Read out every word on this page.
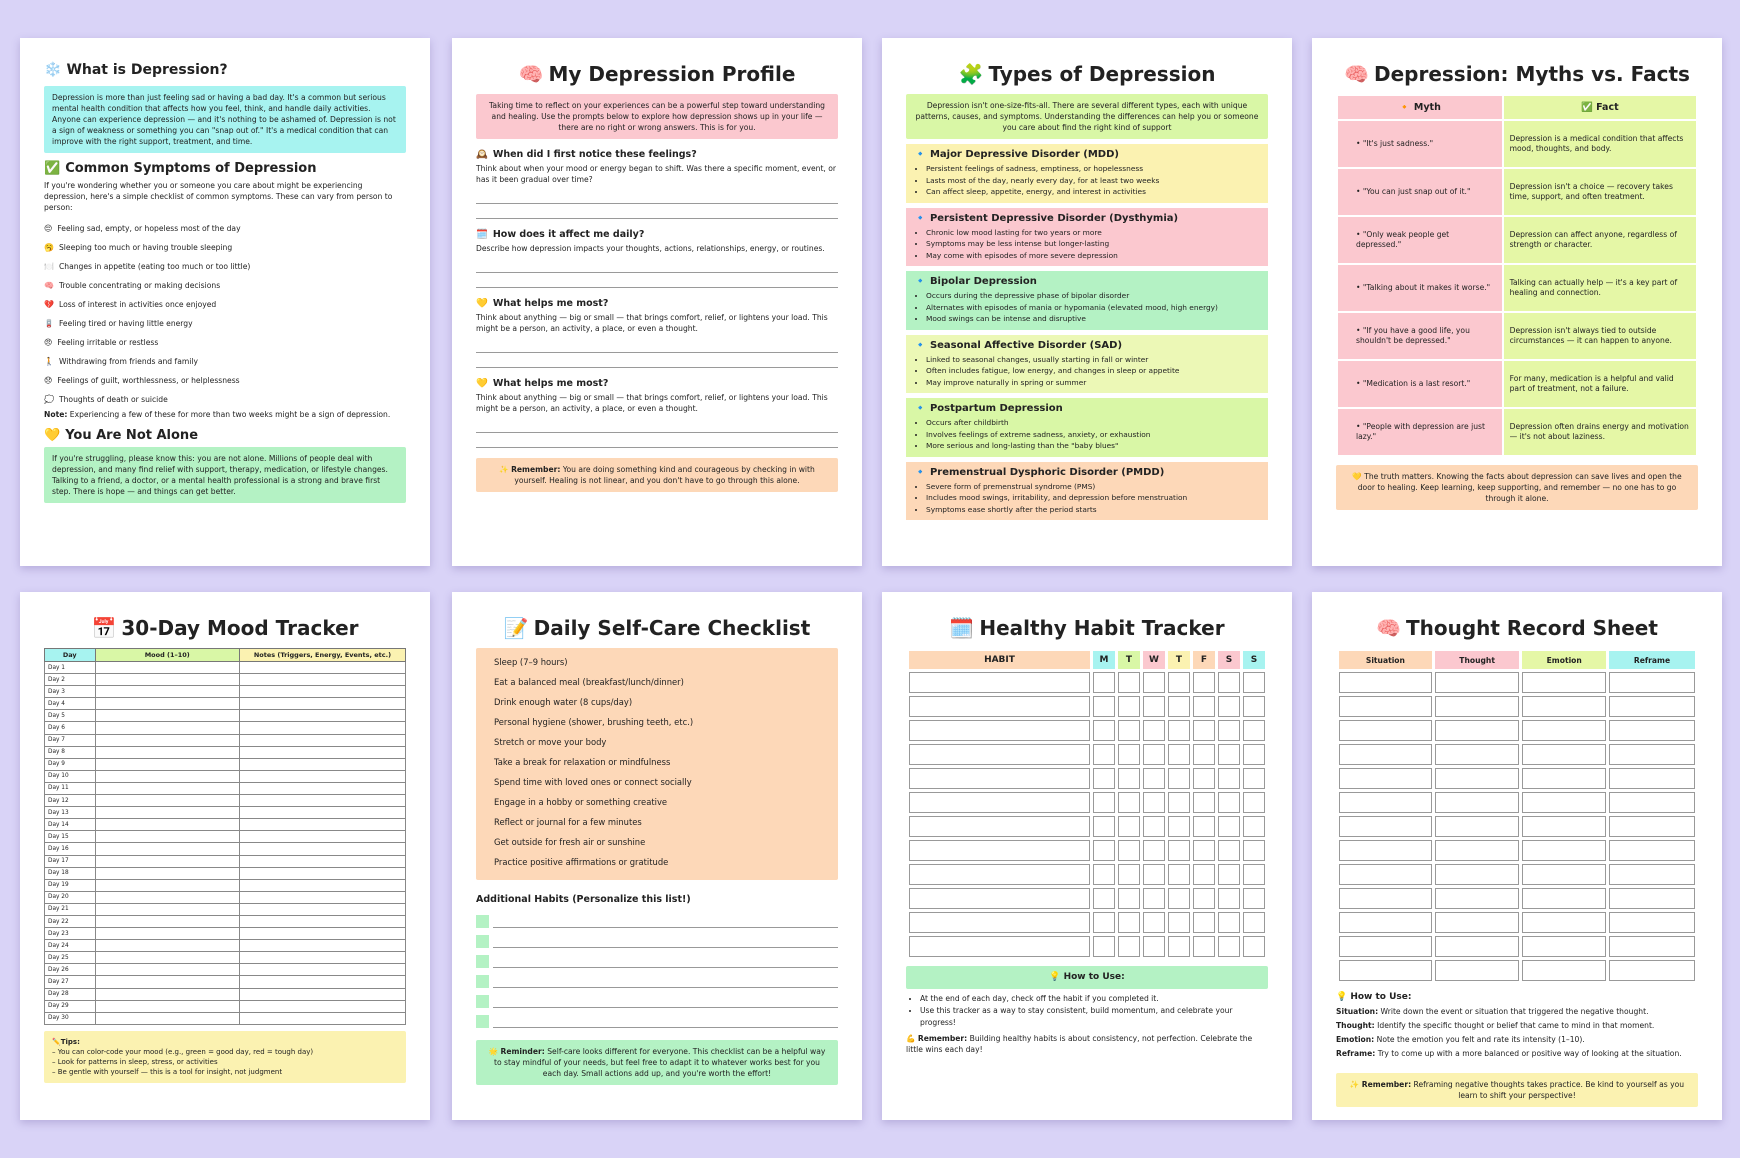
❄️ What is Depression?
Depression is more than just feeling sad or having a bad day. It's a common but serious mental health condition that affects how you feel, think, and handle daily activities. Anyone can experience depression — and it's nothing to be ashamed of. Depression is not a sign of weakness or something you can "snap out of." It's a medical condition that can improve with the right support, treatment, and time.
✅ Common Symptoms of Depression

If you're wondering whether you or someone you care about might be experiencing depression, here's a simple checklist of common symptoms. These can vary from person to person:

😔 Feeling sad, empty, or hopeless most of the day
🥱 Sleeping too much or having trouble sleeping
🍽️ Changes in appetite (eating too much or too little)
🧠 Trouble concentrating or making decisions
💔 Loss of interest in activities once enjoyed
🪫 Feeling tired or having little energy
😠 Feeling irritable or restless
🚶 Withdrawing from friends and family
😞 Feelings of guilt, worthlessness, or helplessness
💭 Thoughts of death or suicide

Note: Experiencing a few of these for more than two weeks might be a sign of depression.

💛 You Are Not Alone
If you're struggling, please know this: you are not alone. Millions of people deal with depression, and many find relief with support, therapy, medication, or lifestyle changes. Talking to a friend, a doctor, or a mental health professional is a strong and brave first step. There is hope — and things can get better.
🧠 My Depression Profile
Taking time to reflect on your experiences can be a powerful step toward understanding and healing. Use the prompts below to explore how depression shows up in your life — there are no right or wrong answers. This is for you.
🕰️ When did I first notice these feelings?
Think about when your mood or energy began to shift. Was there a specific moment, event, or has it been gradual over time?
🗓️ How does it affect me daily?
Describe how depression impacts your thoughts, actions, relationships, energy, or routines.
💛 What helps me most?
Think about anything — big or small — that brings comfort, relief, or lightens your load. This might be a person, an activity, a place, or even a thought.
💛 What helps me most?
Think about anything — big or small — that brings comfort, relief, or lightens your load. This might be a person, an activity, a place, or even a thought.
✨ Remember: You are doing something kind and courageous by checking in with yourself. Healing is not linear, and you don't have to go through this alone.
🧩 Types of Depression
Depression isn't one-size-fits-all. There are several different types, each with unique patterns, causes, and symptoms. Understanding the differences can help you or someone you care about find the right kind of support
🔹 Major Depressive Disorder (MDD)
• Persistent feelings of sadness, emptiness, or hopelessness
• Lasts most of the day, nearly every day, for at least two weeks
• Can affect sleep, appetite, energy, and interest in activities
🔹 Persistent Depressive Disorder (Dysthymia)
• Chronic low mood lasting for two years or more
• Symptoms may be less intense but longer-lasting
• May come with episodes of more severe depression
🔹 Bipolar Depression
• Occurs during the depressive phase of bipolar disorder
• Alternates with episodes of mania or hypomania (elevated mood, high energy)
• Mood swings can be intense and disruptive
🔹 Seasonal Affective Disorder (SAD)
• Linked to seasonal changes, usually starting in fall or winter
• Often includes fatigue, low energy, and changes in sleep or appetite
• May improve naturally in spring or summer
🔹 Postpartum Depression
• Occurs after childbirth
• Involves feelings of extreme sadness, anxiety, or exhaustion
• More serious and long-lasting than the "baby blues"
🔹 Premenstrual Dysphoric Disorder (PMDD)
• Severe form of premenstrual syndrome (PMS)
• Includes mood swings, irritability, and depression before menstruation
• Symptoms ease shortly after the period starts
🧠 Depression: Myths vs. Facts
🔸 Myth	✅ Fact
• "It's just sadness."	Depression is a medical condition that affects mood, thoughts, and body.
• "You can just snap out of it."	Depression isn't a choice — recovery takes time, support, and often treatment.
• "Only weak people get depressed."	Depression can affect anyone, regardless of strength or character.
• "Talking about it makes it worse."	Talking can actually help — it's a key part of healing and connection.
• "If you have a good life, you shouldn't be depressed."	Depression isn't always tied to outside circumstances — it can happen to anyone.
• "Medication is a last resort."	For many, medication is a helpful and valid part of treatment, not a failure.
• "People with depression are just lazy."	Depression often drains energy and motivation — it's not about laziness.
💛 The truth matters. Knowing the facts about depression can save lives and open the door to healing. Keep learning, keep supporting, and remember — no one has to go through it alone.
📅 30-Day Mood Tracker
Day	Mood (1–10)	Notes (Triggers, Energy, Events, etc.)
Day 1		
Day 2		
Day 3		
Day 4		
Day 5		
Day 6		
Day 7		
Day 8		
Day 9		
Day 10		
Day 11		
Day 12		
Day 13		
Day 14		
Day 15		
Day 16		
Day 17		
Day 18		
Day 19		
Day 20		
Day 21		
Day 22		
Day 23		
Day 24		
Day 25		
Day 26		
Day 27		
Day 28		
Day 29		
Day 30		
✏️Tips:
– You can color-code your mood (e.g., green = good day, red = tough day)
– Look for patterns in sleep, stress, or activities
– Be gentle with yourself — this is a tool for insight, not judgment
📝 Daily Self-Care Checklist
Sleep (7–9 hours)
Eat a balanced meal (breakfast/lunch/dinner)
Drink enough water (8 cups/day)
Personal hygiene (shower, brushing teeth, etc.)
Stretch or move your body
Take a break for relaxation or mindfulness
Spend time with loved ones or connect socially
Engage in a hobby or something creative
Reflect or journal for a few minutes
Get outside for fresh air or sunshine
Practice positive affirmations or gratitude
Additional Habits (Personalize this list!)
🌟 Reminder: Self-care looks different for everyone. This checklist can be a helpful way to stay mindful of your needs, but feel free to adapt it to whatever works best for you each day. Small actions add up, and you're worth the effort!
🗓️ Healthy Habit Tracker
HABIT	M	T	W	T	F	S	S

💡 How to Use:
• At the end of each day, check off the habit if you completed it.
• Use this tracker as a way to stay consistent, build momentum, and celebrate your progress!

💪 Remember: Building healthy habits is about consistency, not perfection. Celebrate the little wins each day!

🧠 Thought Record Sheet
Situation	Thought	Emotion	Reframe

💡 How to Use:

Situation: Write down the event or situation that triggered the negative thought.

Thought: Identify the specific thought or belief that came to mind in that moment.

Emotion: Note the emotion you felt and rate its intensity (1–10).

Reframe: Try to come up with a more balanced or positive way of looking at the situation.

✨ Remember: Reframing negative thoughts takes practice. Be kind to yourself as you learn to shift your perspective!
